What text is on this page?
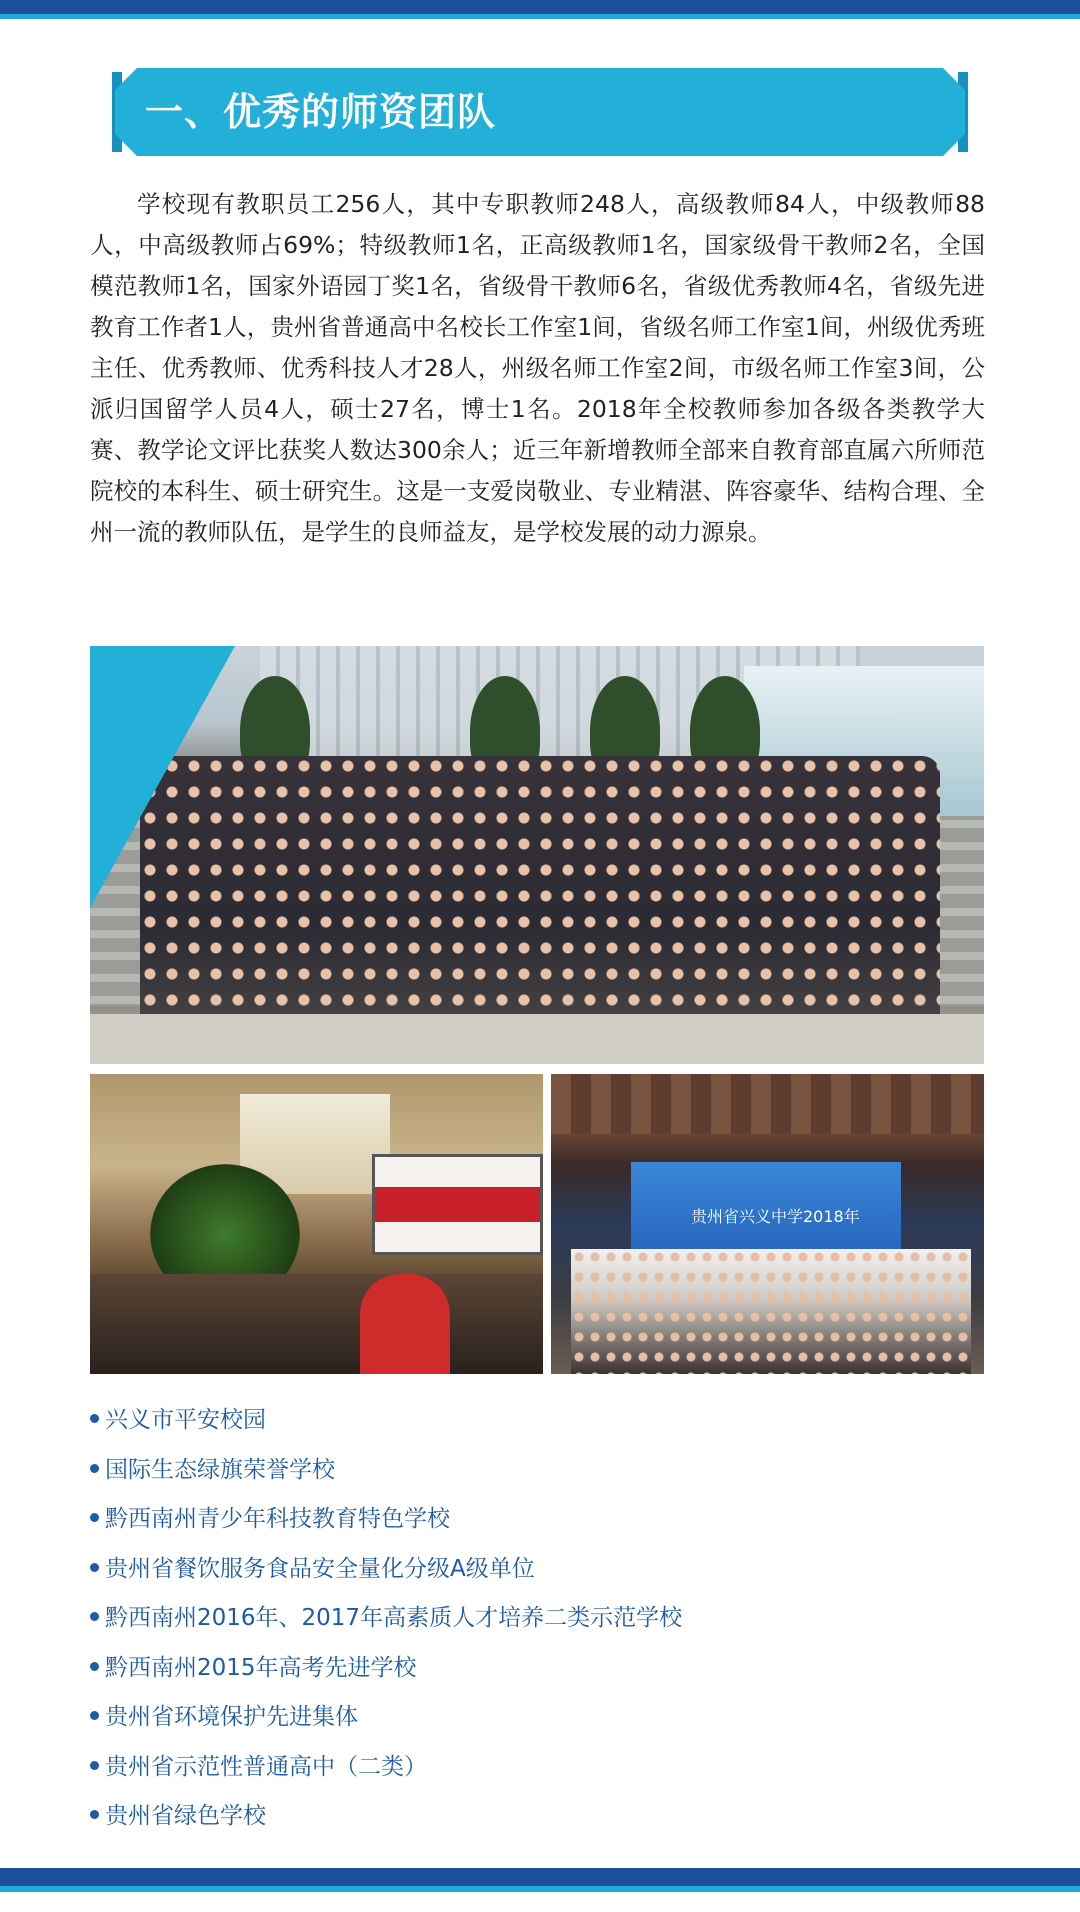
一、优秀的师资团队

学校现有教职员工256人，其中专职教师248人，高级教师84人，中级教师88人，中高级教师占69%；特级教师1名，正高级教师1名，国家级骨干教师2名，全国模范教师1名，国家外语园丁奖1名，省级骨干教师6名，省级优秀教师4名，省级先进教育工作者1人，贵州省普通高中名校长工作室1间，省级名师工作室1间，州级优秀班主任、优秀教师、优秀科技人才28人，州级名师工作室2间，市级名师工作室3间，公派归国留学人员4人，硕士27名，博士1名。2018年全校教师参加各级各类教学大赛、教学论文评比获奖人数达300余人；近三年新增教师全部来自教育部直属六所师范院校的本科生、硕士研究生。这是一支爱岗敬业、专业精湛、阵容豪华、结构合理、全州一流的教师队伍，是学生的良师益友，是学校发展的动力源泉。

贵州省兴义中学2018年
兴义市平安校园
国际生态绿旗荣誉学校
黔西南州青少年科技教育特色学校
贵州省餐饮服务食品安全量化分级A级单位
黔西南州2016年、2017年高素质人才培养二类示范学校
黔西南州2015年高考先进学校
贵州省环境保护先进集体
贵州省示范性普通高中（二类）
贵州省绿色学校
